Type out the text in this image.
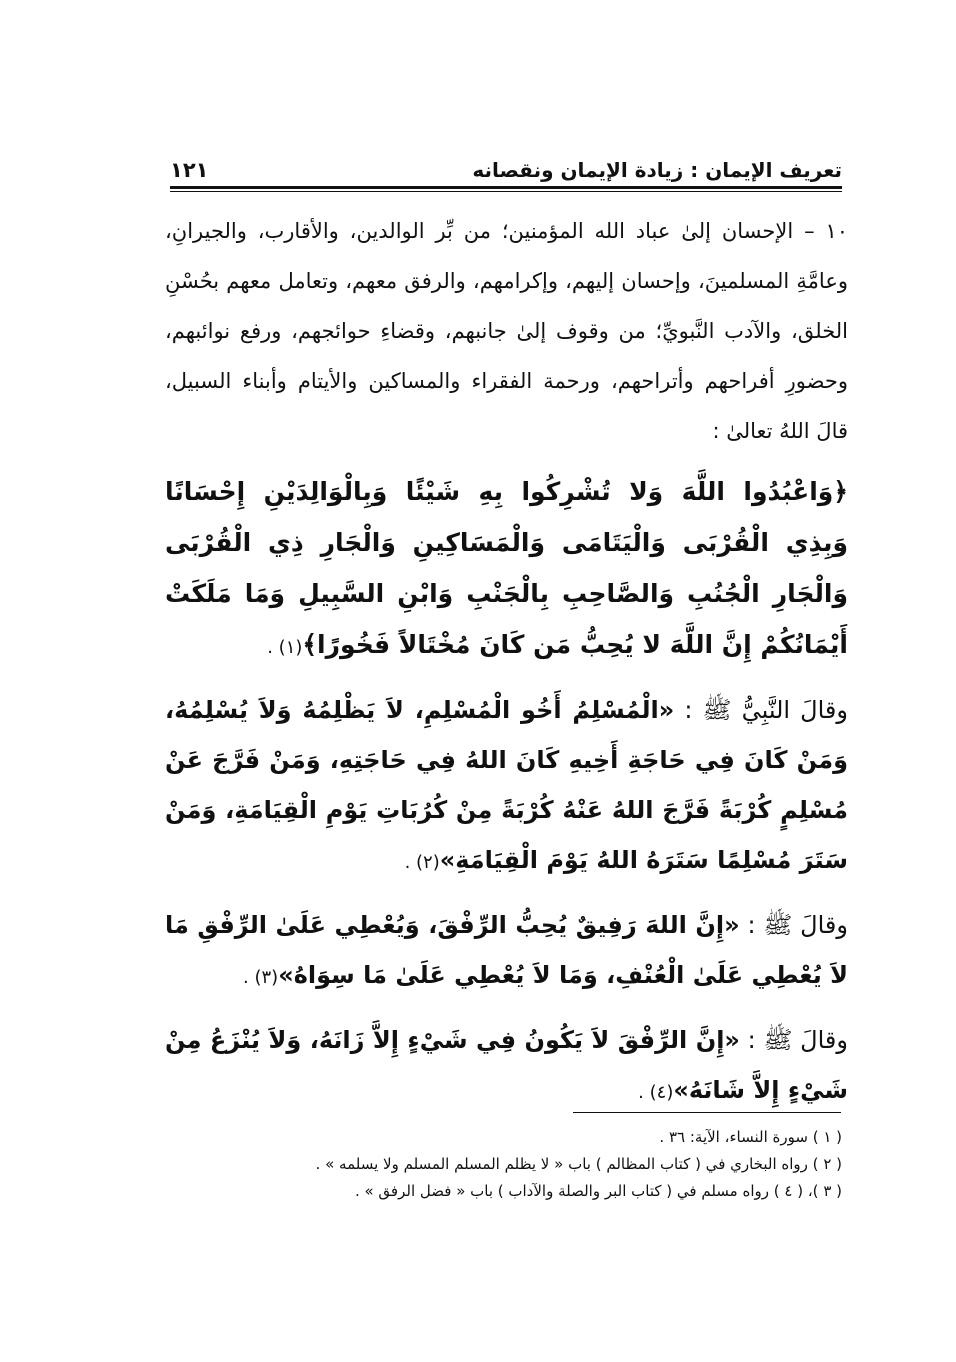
تعريف الإيمان : زيادة الإيمان ونقصانه
١٢١

١٠ – الإحسان إلىٰ عباد الله المؤمنين؛ من بِّر الوالدين، والأقارب، والجيرانِ، وعامَّةِ المسلمينَ، وإحسان إليهم، وإكرامهم، والرفق معهم، وتعامل معهم بحُسْنِ الخلق، والآدب النَّبويِّ؛ من وقوف إلىٰ جانبهم، وقضاءِ حوائجهم، ورفع نوائبهم، وحضورِ أفراحهم وأتراحهم، ورحمة الفقراء والمساكين والأيتام وأبناء السبيل، قالَ اللهُ تعالىٰ :

﴿وَاعْبُدُوا اللَّهَ وَلا تُشْرِكُوا بِهِ شَيْئًا وَبِالْوَالِدَيْنِ إِحْسَانًا وَبِذِي الْقُرْبَى وَالْيَتَامَى وَالْمَسَاكِينِ وَالْجَارِ ذِي الْقُرْبَى وَالْجَارِ الْجُنُبِ وَالصَّاحِبِ بِالْجَنْبِ وَابْنِ السَّبِيلِ وَمَا مَلَكَتْ أَيْمَانُكُمْ إِنَّ اللَّهَ لا يُحِبُّ مَن كَانَ مُخْتَالاً فَخُورًا﴾(١) .

وقالَ النَّبِيُّ ﷺ : «الْمُسْلِمُ أَخُو الْمُسْلِمِ، لاَ يَظْلِمُهُ وَلاَ يُسْلِمُهُ، وَمَنْ كَانَ فِي حَاجَةِ أَخِيهِ كَانَ اللهُ فِي حَاجَتِهِ، وَمَنْ فَرَّجَ عَنْ مُسْلِمٍ كُرْبَةً فَرَّجَ اللهُ عَنْهُ كُرْبَةً مِنْ كُرُبَاتِ يَوْمِ الْقِيَامَةِ، وَمَنْ سَتَرَ مُسْلِمًا سَتَرَهُ اللهُ يَوْمَ الْقِيَامَةِ»(٢) .

وقالَ ﷺ : «إِنَّ اللهَ رَفِيقٌ يُحِبُّ الرِّفْقَ، وَيُعْطِي عَلَىٰ الرِّفْقِ مَا لاَ يُعْطِي عَلَىٰ الْعُنْفِ، وَمَا لاَ يُعْطِي عَلَىٰ مَا سِوَاهُ»(٣) .

وقالَ ﷺ : «إِنَّ الرِّفْقَ لاَ يَكُونُ فِي شَيْءٍ إِلاَّ زَانَهُ، وَلاَ يُنْزَعُ مِنْ شَيْءٍ إِلاَّ شَانَهُ»(٤) .

( ١ ) سورة النساء، الآية: ٣٦ .

( ٢ ) رواه البخاري في ( كتاب المظالم ) باب « لا يظلم المسلم المسلم ولا يسلمه » .

( ٣ )، ( ٤ ) رواه مسلم في ( كتاب البر والصلة والآداب ) باب « فضل الرفق » .
